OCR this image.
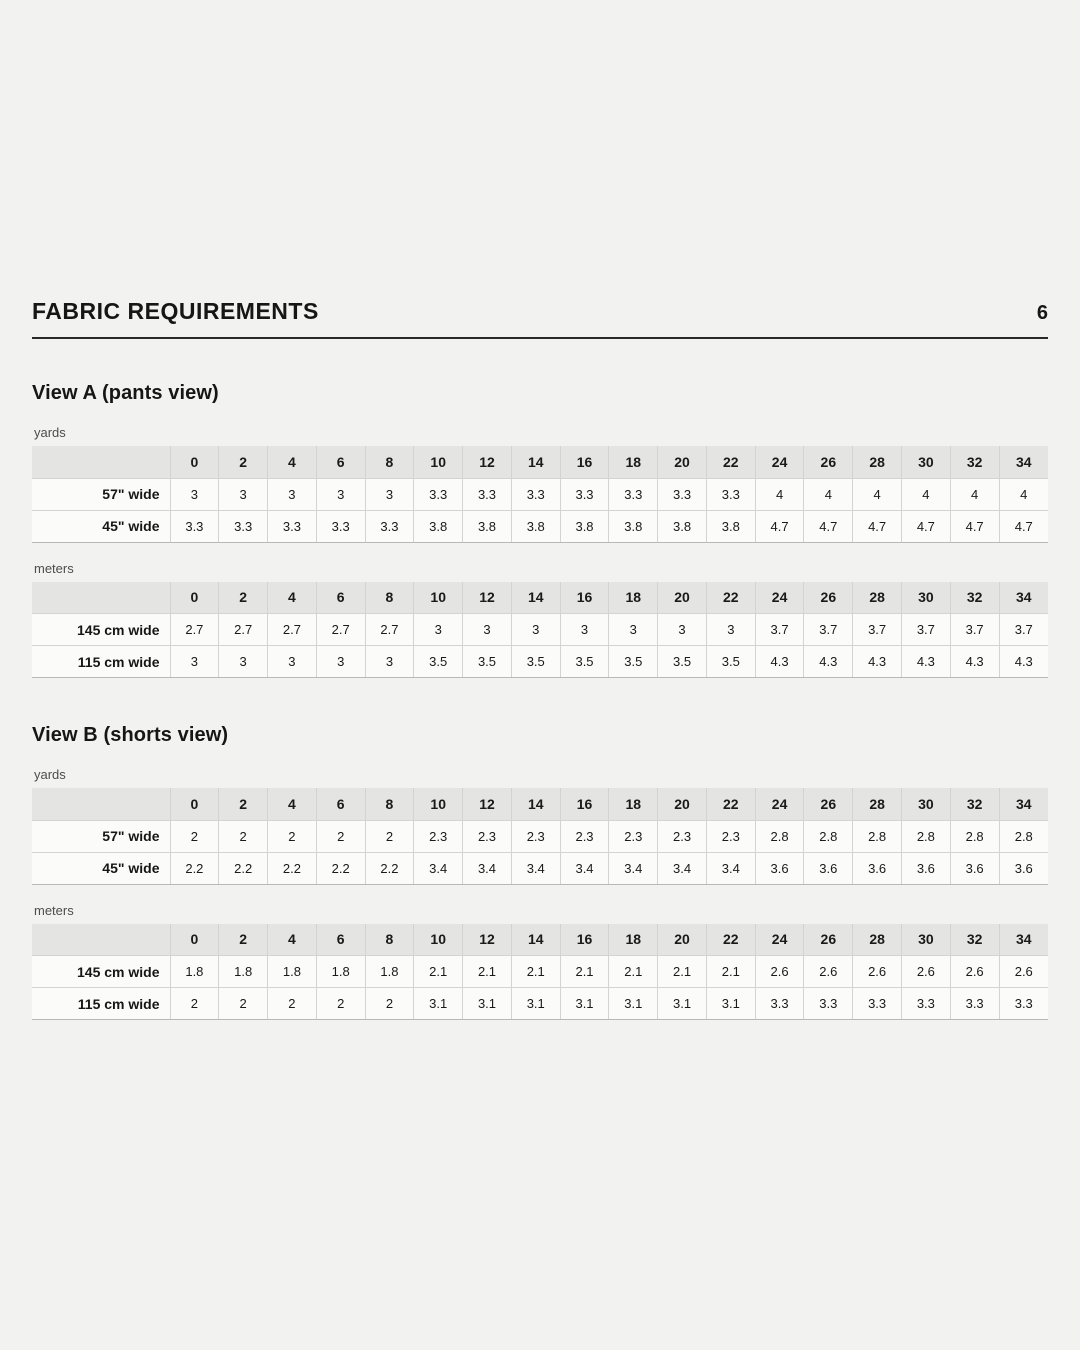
FABRIC REQUIREMENTS	6
View A (pants view)
yards
	0	2	4	6	8	10	12	14	16	18	20	22	24	26	28	30	32	34
57" wide	3	3	3	3	3	3.3	3.3	3.3	3.3	3.3	3.3	3.3	4	4	4	4	4	4
45" wide	3.3	3.3	3.3	3.3	3.3	3.8	3.8	3.8	3.8	3.8	3.8	3.8	4.7	4.7	4.7	4.7	4.7	4.7
meters
	0	2	4	6	8	10	12	14	16	18	20	22	24	26	28	30	32	34
145 cm wide	2.7	2.7	2.7	2.7	2.7	3	3	3	3	3	3	3	3.7	3.7	3.7	3.7	3.7	3.7
115 cm wide	3	3	3	3	3	3.5	3.5	3.5	3.5	3.5	3.5	3.5	4.3	4.3	4.3	4.3	4.3	4.3
View B (shorts view)
yards
	0	2	4	6	8	10	12	14	16	18	20	22	24	26	28	30	32	34
57" wide	2	2	2	2	2	2.3	2.3	2.3	2.3	2.3	2.3	2.3	2.8	2.8	2.8	2.8	2.8	2.8
45" wide	2.2	2.2	2.2	2.2	2.2	3.4	3.4	3.4	3.4	3.4	3.4	3.4	3.6	3.6	3.6	3.6	3.6	3.6
meters
	0	2	4	6	8	10	12	14	16	18	20	22	24	26	28	30	32	34
145 cm wide	1.8	1.8	1.8	1.8	1.8	2.1	2.1	2.1	2.1	2.1	2.1	2.1	2.6	2.6	2.6	2.6	2.6	2.6
115 cm wide	2	2	2	2	2	3.1	3.1	3.1	3.1	3.1	3.1	3.1	3.3	3.3	3.3	3.3	3.3	3.3
